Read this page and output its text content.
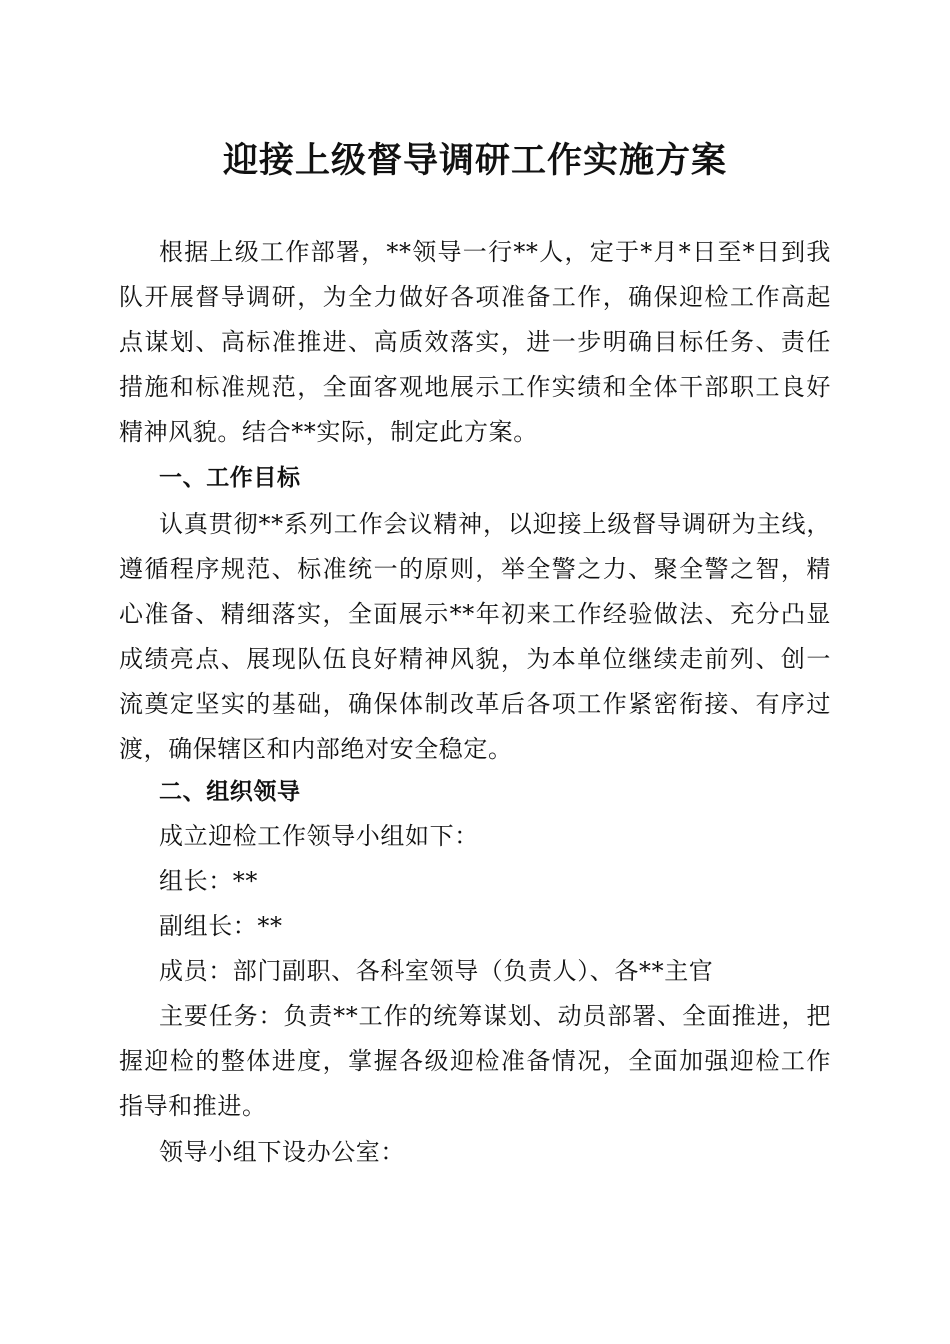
迎接上级督导调研工作实施方案

根据上级工作部署，**领导一行**人，定于*月*日至*日到我队开展督导调研，为全力做好各项准备工作，确保迎检工作高起点谋划、高标准推进、高质效落实，进一步明确目标任务、责任措施和标准规范，全面客观地展示工作实绩和全体干部职工良好精神风貌。结合**实际，制定此方案。

一、工作目标

认真贯彻**系列工作会议精神，以迎接上级督导调研为主线，遵循程序规范、标准统一的原则，举全警之力、聚全警之智，精心准备、精细落实，全面展示**年初来工作经验做法、充分凸显成绩亮点、展现队伍良好精神风貌，为本单位继续走前列、创一流奠定坚实的基础，确保体制改革后各项工作紧密衔接、有序过渡，确保辖区和内部绝对安全稳定。

二、组织领导

成立迎检工作领导小组如下：

组长：**

副组长：**

成员：部门副职、各科室领导（负责人）、各**主官

主要任务：负责**工作的统筹谋划、动员部署、全面推进，把握迎检的整体进度，掌握各级迎检准备情况，全面加强迎检工作指导和推进。

领导小组下设办公室：
